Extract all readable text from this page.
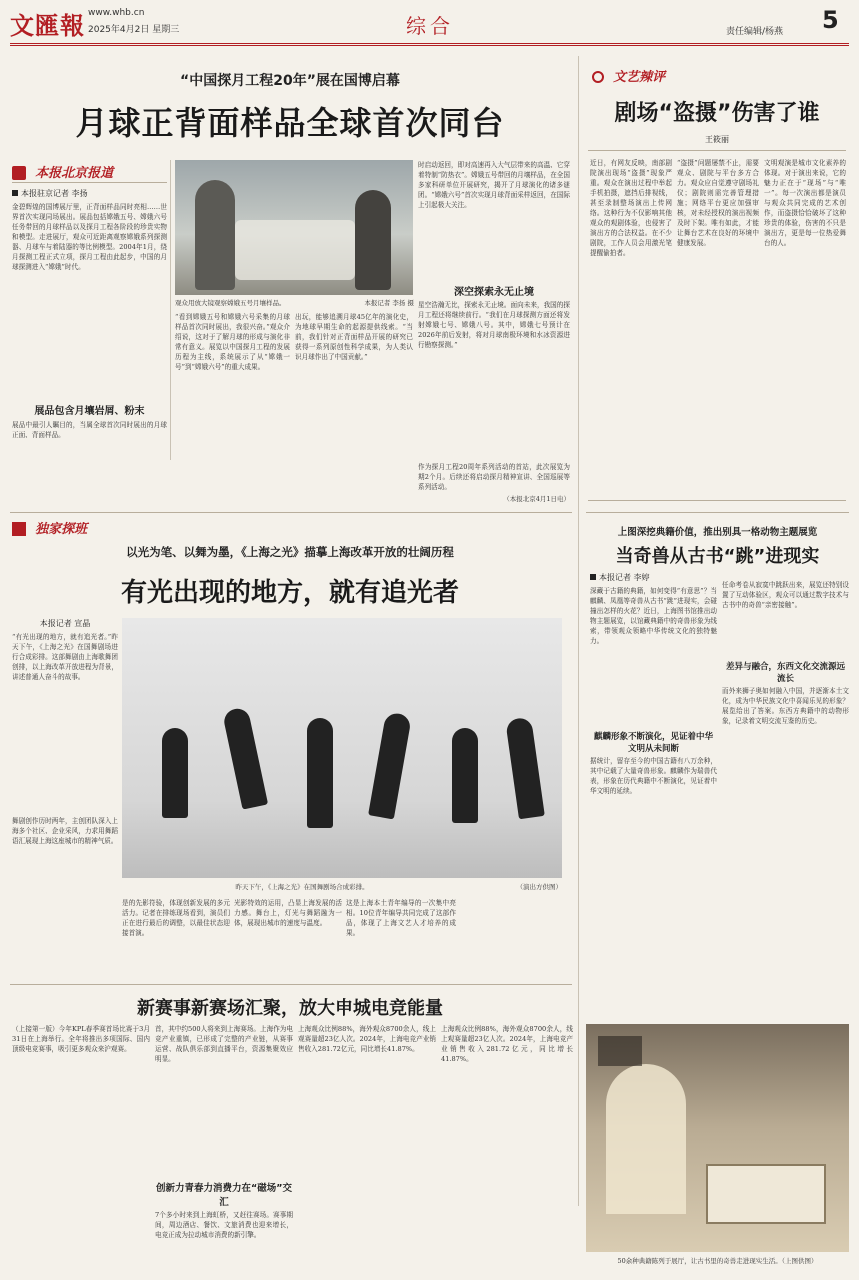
文匯報 www.whb.cn
2025年4月2日 星期三	综合	责任编辑/杨燕 5
“中国探月工程20年”展在国博启幕
月球正背面样品全球首次同台
本报北京报道
本报驻京记者 李扬
金碧辉煌的国博展厅里，正背面样品同时亮相……世界首次实现同场展出。展品包括嫦娥五号、嫦娥六号任务带回的月球样品以及探月工程各阶段的珍贵实物和模型。走进展厅，观众可近距离观察嫦娥系列探测器、月球车与着陆器的等比例模型。2004年1月，绕月探测工程正式立项，探月工程由此起步，中国的月球探测进入“嫦娥”时代。
展品包含月壤岩屑、粉末
展品中最引人瞩目的，当属全球首次同时展出的月球正面、背面样品。
观众用放大镜观察嫦娥五号月壤样品。	本报记者 李扬 摄
时启动返回，即对高速再入大气层带来的高温、它穿着特制“防热衣”。嫦娥五号带回的月壤样品，在全国多家科研单位开展研究，揭开了月球演化的诸多谜团。“嫦娥六号”首次实现月球背面采样返回，在国际上引起极大关注。
深空探索永无止境
星空浩瀚无比，探索永无止境。面向未来，我国的探月工程还将继续前行。“我们在月球探测方面还将发射嫦娥七号、嫦娥八号。其中，嫦娥七号预计在2026年前后发射，将对月球南极环境和水冰资源进行勘察探测。”
“看到嫦娥五号和嫦娥六号采集的月球样品首次同时展出，我很兴奋。”观众介绍说，这对于了解月球的形成与演化非常有意义。展览以中国探月工程的发展历程为主线，系统展示了从“嫦娥一号”到“嫦娥六号”的重大成果。
出玩，能够追溯月球45亿年的演化史，为地球早期生命的起源提供线索。“当前，我们针对正背面样品开展的研究已获得一系列原创性科学成果，为人类认识月球作出了中国贡献。”
作为探月工程20周年系列活动的首站，此次展览为期2个月。后续还将启动探月精神宣讲、全国巡展等系列活动。
（本报北京4月1日电）
文艺辣评
剧场“盗摄”伤害了谁
王筱丽
近日，有网友反映，南部剧院演出现场“盗摄”现象严重。观众在演出过程中举起手机拍摄，遮挡后排视线，甚至录制整场演出上传网络。这种行为不仅影响其他观众的观剧体验，也侵害了演出方的合法权益。在不少剧院，工作人员会用激光笔提醒偷拍者。
“盗摄”问题屡禁不止，需要观众、剧院与平台多方合力。观众应自觉遵守剧场礼仪；剧院则需完善管理措施；网络平台更应加强审核，对未经授权的演出视频及时下架。唯有如此，才能让舞台艺术在良好的环境中健康发展。
文明观演是城市文化素养的体现。对于演出来说，它的魅力正在于“现场”与“唯一”。每一次演出都是演员与观众共同完成的艺术创作，而盗摄恰恰破坏了这种珍贵的体验，伤害的不只是演出方，更是每一位热爱舞台的人。
独家探班
以光为笔、以舞为墨，《上海之光》描摹上海改革开放的壮阔历程
有光出现的地方，就有追光者
本报记者 宣晶
“有光出现的地方，就有追光者。”昨天下午，《上海之光》在国舞剧场进行合成彩排。这部舞剧由上海歌舞团创排，以上海改革开放进程为背景，讲述普通人奋斗的故事。
舞剧创作历时两年，主创团队深入上海多个社区、企业采风，力求用舞蹈语汇展现上海这座城市的精神气质。
昨天下午，《上海之光》在国舞剧场合成彩排。	（演出方供图）
是的先影符验，体现创新发展的多元活力。记者在排练现场看到，演员们正在进行最后的调整，以最佳状态迎接首演。
光影特效的运用，凸显上海发展的活力感。舞台上，灯光与舞蹈融为一体，展现出城市的速度与温度。
这是上海本土青年编导的一次集中亮相。10位青年编导共同完成了这部作品，体现了上海文艺人才培养的成果。
上图深挖典籍价值，推出别具一格动物主题展览
当奇兽从古书“跳”进现实
本报记者 李婷
深藏于古籍的典籍，如何变得“有意思”？当麒麟、凤凰等奇兽从古书“跳”进现实，会碰撞出怎样的火花？近日，上海图书馆推出动物主题展览，以馆藏典籍中的奇兽形象为线索，带领观众领略中华传统文化的独特魅力。
麒麟形象不断演化，见证着中华文明从未间断
据统计，留存至今的中国古籍有八万余种，其中记载了大量奇兽形象。麒麟作为瑞兽代表，形象在历代典籍中不断演化，见证着中华文明的延续。
任命考卷从寂寞中跳跃出来，展览还特别设置了互动体验区，观众可以通过数字技术与古书中的奇兽“亲密接触”。
差异与融合，东西文化交流源远流长
而外来狮子奥如何融入中国，并逐渐本土文化，成为中华民族文化中喜闻乐见的形象？展览给出了答案。东西方典籍中的动物形象，记录着文明交流互鉴的历史。
新赛事新赛场汇聚，放大申城电竞能量
（上接第一版）今年KPL春季赛首场比赛于3月31日在上海举行。全年将推出多项国际、国内顶级电竞赛事，吸引更多观众来沪观赛。
首，其中约500人将来到上海赛场。上海作为电竞产业重镇，已形成了完整的产业链，从赛事运营、战队俱乐部到直播平台，资源集聚效应明显。
创新力青春力消费力在“磁场”交汇
7个多小时来到上海虹桥，又赶往赛场。赛事期间，周边酒店、餐饮、文旅消费也迎来增长，电竞正成为拉动城市消费的新引擎。
上海观众比例88%，海外观众8700余人，线上观赛量超23亿人次。2024年，上海电竞产业销售收入281.72亿元，同比增长41.87%。
上海观众比例88%，海外观众8700余人，线上观赛量超23亿人次。2024年，上海电竞产业销售收入281.72亿元，同比增长41.87%。
50余种典籍陈列于展厅，让古书里的奇兽走进现实生活。（上图供图）
